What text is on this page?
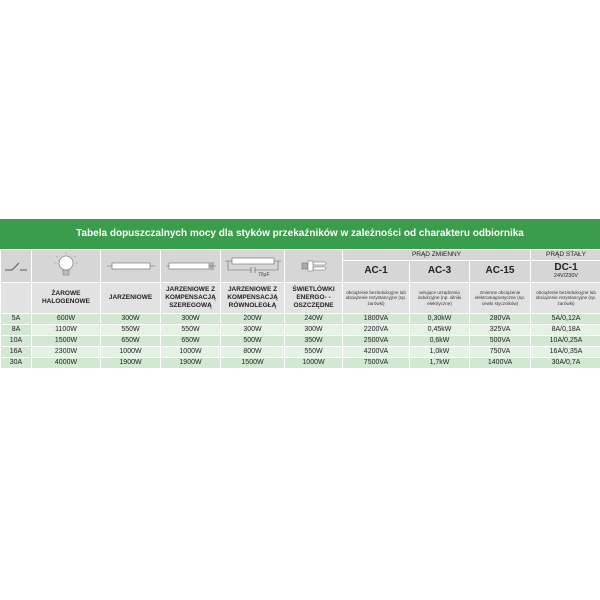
Tabela dopuszczalnych mocy dla styków przekaźników w zależności od charakteru odbiornika

70μF		PRĄD ZMIENNY			PRĄD STAŁY
						AC-1	AC-3	AC-15	DC-1
24V/230V

	ŻAROWE HALOGENOWE	JARZENIOWE	JARZENIOWE Z KOMPENSACJĄ SZEREGOWĄ	JARZENIOWE Z KOMPENSACJĄ RÓWNOLEGŁĄ	ŚWIETLÓWKI ENERGO- -OSZCZĘDNE	obciążenie bezindukcyjne lub obciążenie rezystancyjne (np. żarówki)	wirujące urządzenia indukcyjne (np. silniki elektryczne)	zmienne obciążenie elektromagnetyczne (np. cewki styczników)	obciążenie bezindukcyjne lub obciążenie rezystancyjne (np. żarówki)
5A	600W	300W	300W	200W	240W	1800VA	0,30kW	280VA	5A/0,12A
8A	1100W	550W	550W	300W	300W	2200VA	0,45kW	325VA	8A/0,18A
10A	1500W	650W	650W	500W	350W	2500VA	0,6kW	500VA	10A/0,25A
16A	2300W	1000W	1000W	800W	550W	4200VA	1,0kW	750VA	16A/0,35A
30A	4000W	1900W	1900W	1500W	1000W	7500VA	1,7kW	1400VA	30A/0,7A
